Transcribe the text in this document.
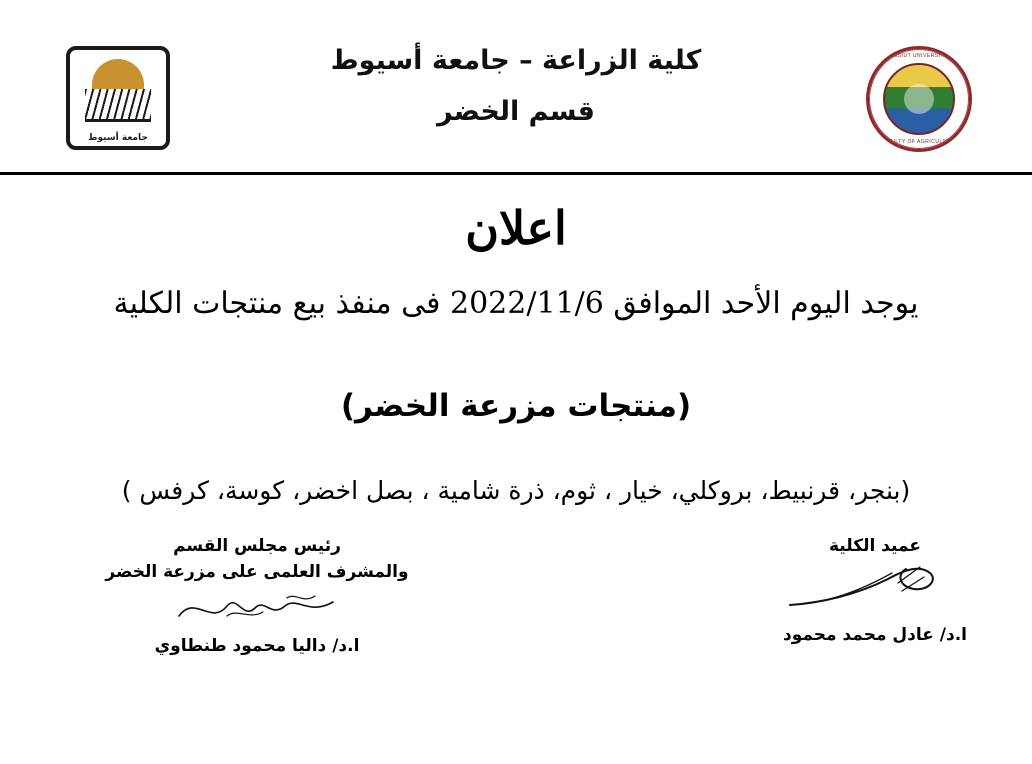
جامعة أسيوط
كلية الزراعة – جامعة أسيوط
قسم الخضر
ASSIUT UNIVERSITY
FACULTY OF AGRICULTURE
اعلان
يوجد اليوم الأحد الموافق 2022/11/6 فى منفذ بيع منتجات الكلية
(منتجات مزرعة الخضر)
(بنجر، قرنبيط، بروكلي، خيار ، ثوم، ذرة شامية ، بصل اخضر، كوسة، كرفس )
رئيس مجلس القسم
والمشرف العلمى على مزرعة الخضر
ا.د/ داليا محمود طنطاوي
عميد الكلية
ا.د/ عادل محمد محمود
